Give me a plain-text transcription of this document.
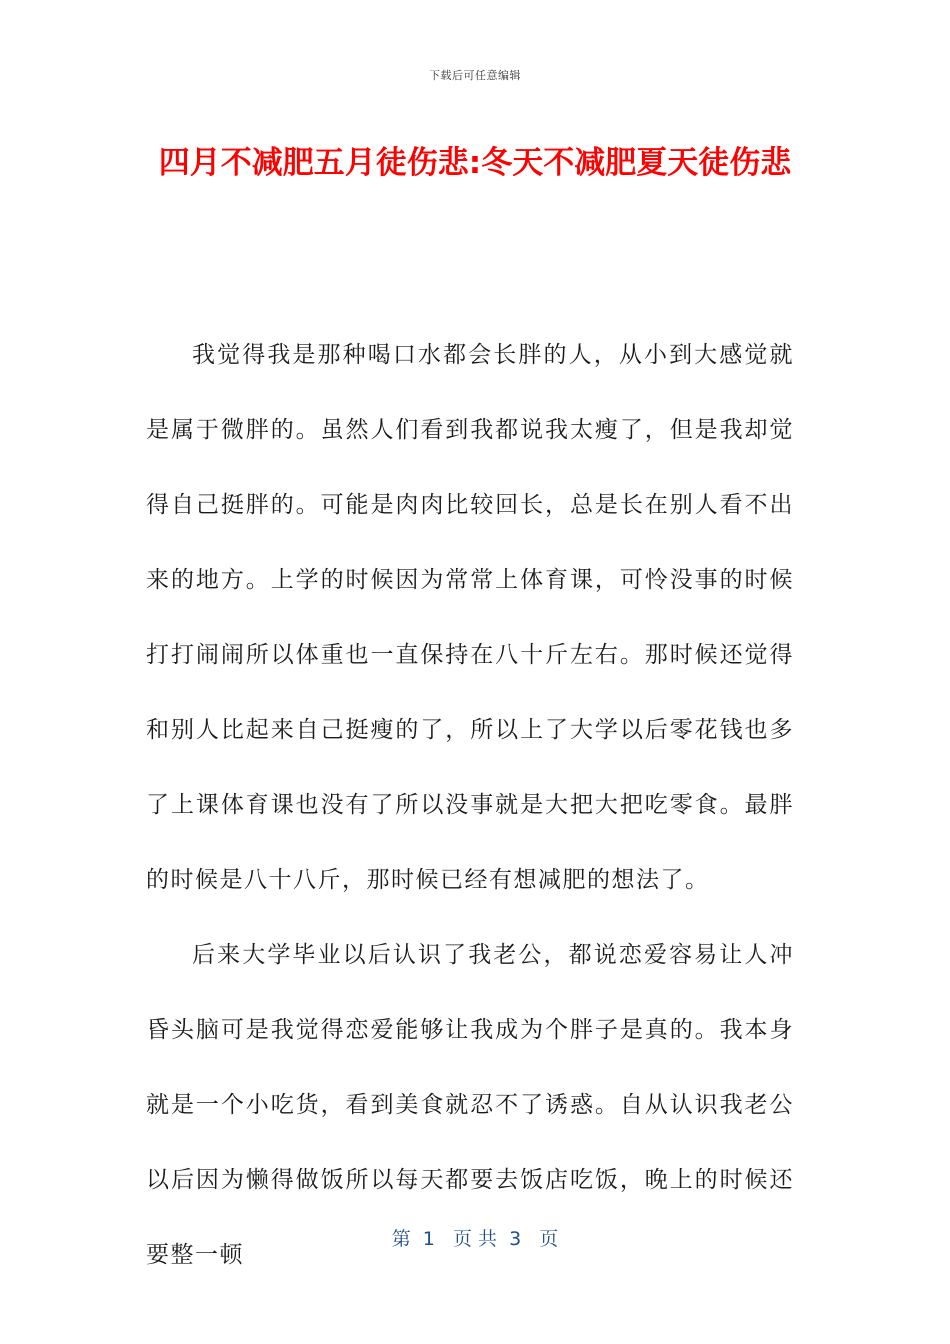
下载后可任意编辑
四月不减肥五月徒伤悲:冬天不减肥夏天徒伤悲

我觉得我是那种喝口水都会长胖的人，从小到大感觉就是属于微胖的。虽然人们看到我都说我太瘦了，但是我却觉得自己挺胖的。可能是肉肉比较回长，总是长在别人看不出来的地方。上学的时候因为常常上体育课，可怜没事的时候打打闹闹所以体重也一直保持在八十斤左右。那时候还觉得和别人比起来自己挺瘦的了，所以上了大学以后零花钱也多了上课体育课也没有了所以没事就是大把大把吃零食。最胖的时候是八十八斤，那时候已经有想减肥的想法了。

后来大学毕业以后认识了我老公，都说恋爱容易让人冲昏头脑可是我觉得恋爱能够让我成为个胖子是真的。我本身就是一个小吃货，看到美食就忍不了诱惑。自从认识我老公以后因为懒得做饭所以每天都要去饭店吃饭，晚上的时候还要整一顿

第  1   页 共  3   页
